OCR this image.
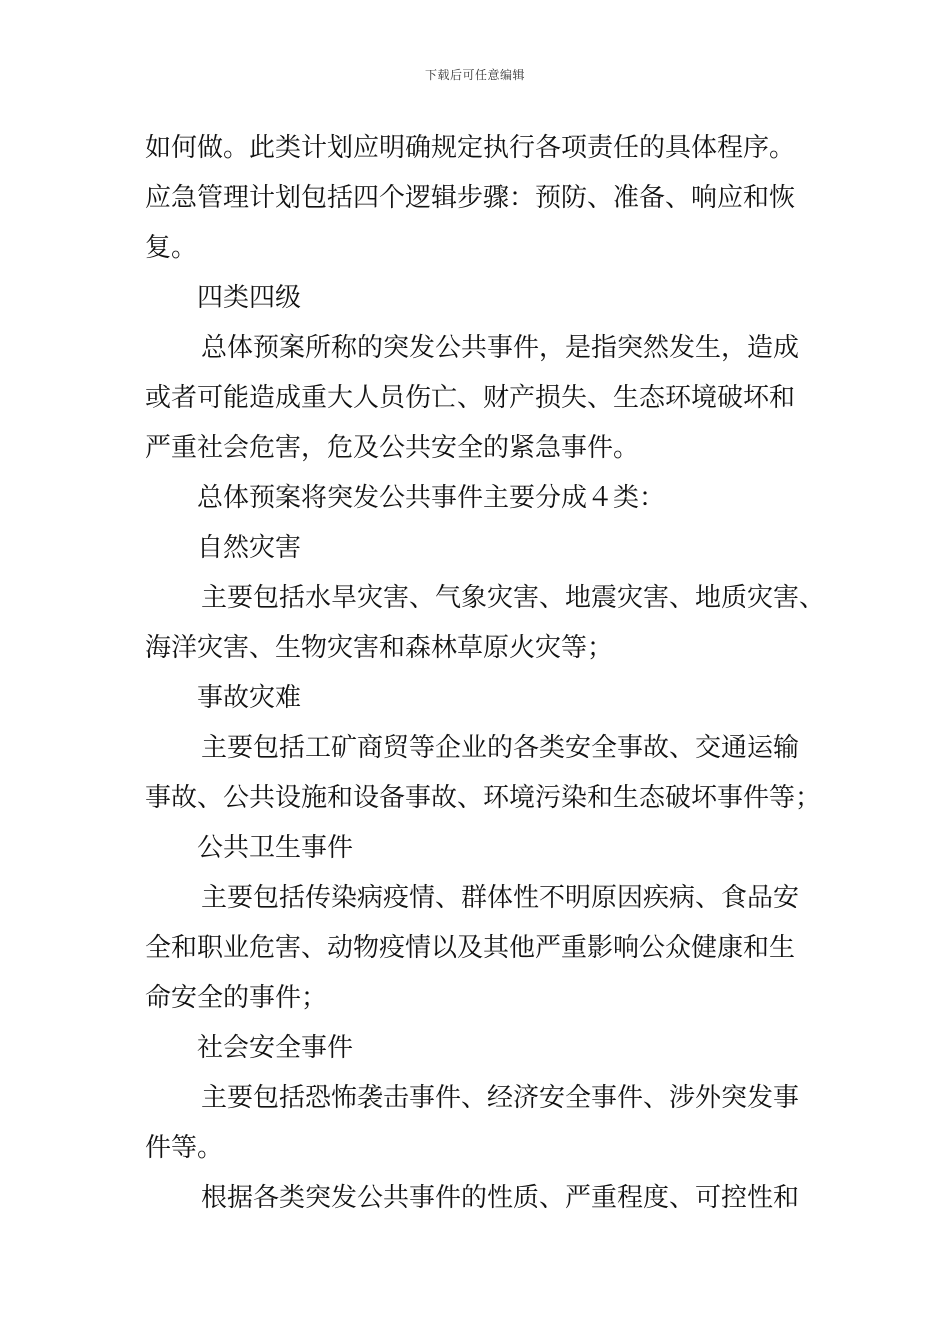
下载后可任意编辑
如何做。此类计划应明确规定执行各项责任的具体程序。
应急管理计划包括四个逻辑步骤：预防、准备、响应和恢
复。
四类四级
总体预案所称的突发公共事件，是指突然发生，造成
或者可能造成重大人员伤亡、财产损失、生态环境破坏和
严重社会危害，危及公共安全的紧急事件。
总体预案将突发公共事件主要分成４类：
自然灾害
主要包括水旱灾害、气象灾害、地震灾害、地质灾害、
海洋灾害、生物灾害和森林草原火灾等；
事故灾难
主要包括工矿商贸等企业的各类安全事故、交通运输
事故、公共设施和设备事故、环境污染和生态破坏事件等；
公共卫生事件
主要包括传染病疫情、群体性不明原因疾病、食品安
全和职业危害、动物疫情以及其他严重影响公众健康和生
命安全的事件；
社会安全事件
主要包括恐怖袭击事件、经济安全事件、涉外突发事
件等。
根据各类突发公共事件的性质、严重程度、可控性和
